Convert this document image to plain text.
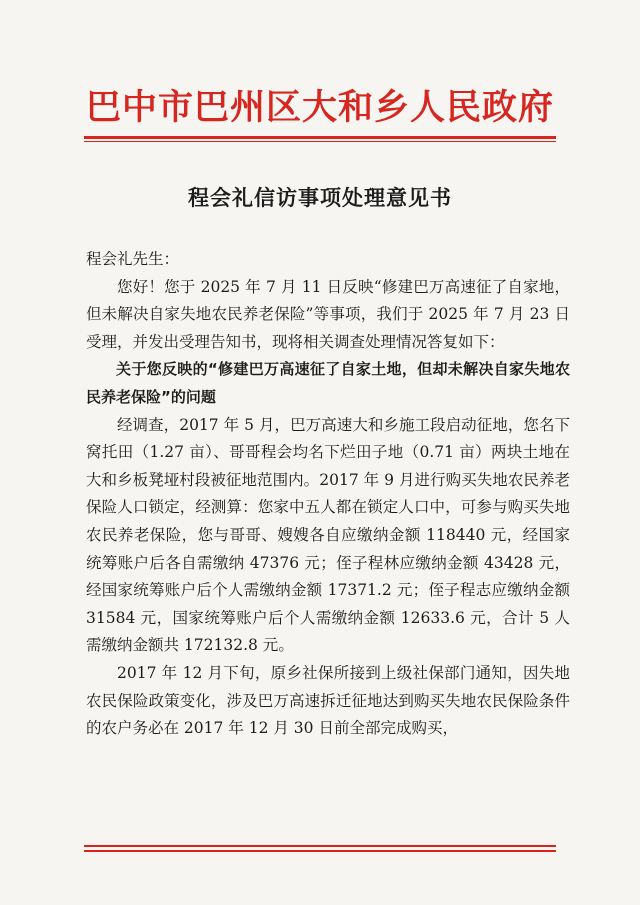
巴中市巴州区大和乡人民政府
程会礼信访事项处理意见书

程会礼先生：

您好！您于 2025 年 7 月 11 日反映“修建巴万高速征了自家地，但未解决自家失地农民养老保险”等事项，我们于 2025 年 7 月 23 日受理，并发出受理告知书，现将相关调查处理情况答复如下：

关于您反映的“修建巴万高速征了自家土地，但却未解决自家失地农民养老保险”的问题

经调查，2017 年 5 月，巴万高速大和乡施工段启动征地，您名下窝托田（1.27 亩）、哥哥程会均名下烂田子地（0.71 亩）两块土地在大和乡板凳垭村段被征地范围内。2017 年 9 月进行购买失地农民养老保险人口锁定，经测算：您家中五人都在锁定人口中，可参与购买失地农民养老保险，您与哥哥、嫂嫂各自应缴纳金额 118440 元，经国家统筹账户后各自需缴纳 47376 元；侄子程林应缴纳金额 43428 元，经国家统筹账户后个人需缴纳金额 17371.2 元；侄子程志应缴纳金额 31584 元，国家统筹账户后个人需缴纳金额 12633.6 元，合计 5 人需缴纳金额共 172132.8 元。

2017 年 12 月下旬，原乡社保所接到上级社保部门通知，因失地农民保险政策变化，涉及巴万高速拆迁征地达到购买失地农民保险条件的农户务必在 2017 年 12 月 30 日前全部完成购买，
